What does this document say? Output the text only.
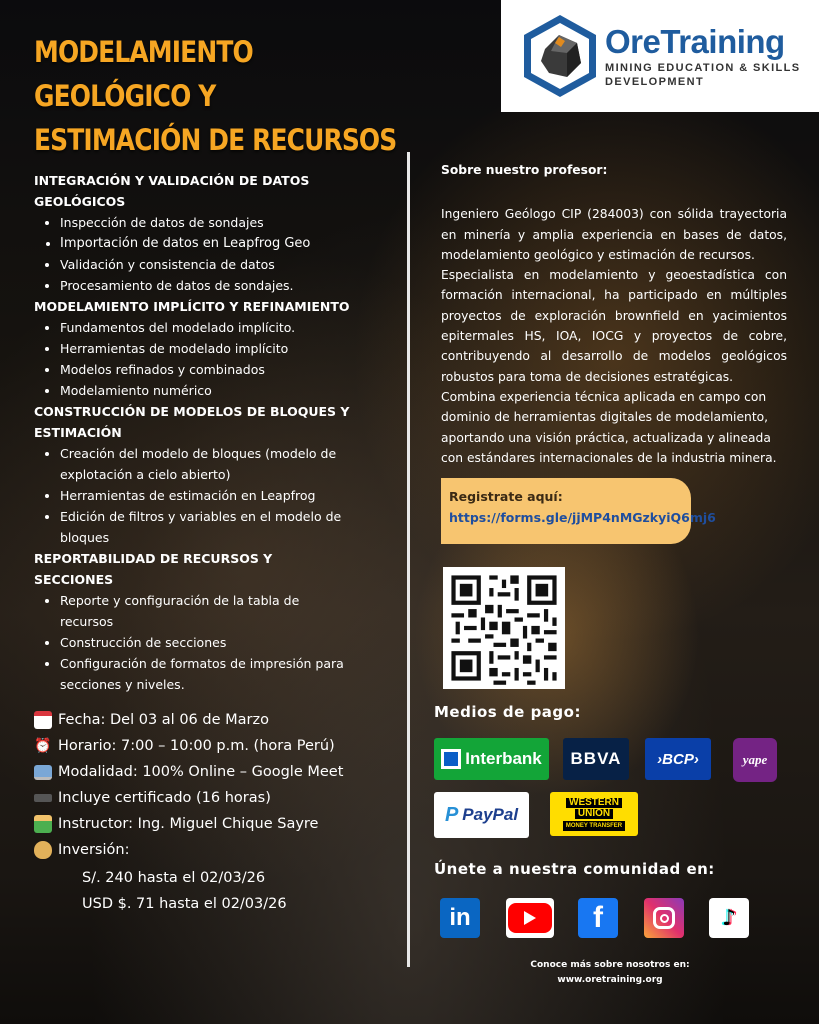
MODELAMIENTO GEOLÓGICO Y
ESTIMACIÓN DE RECURSOS
OreTraining
MINING EDUCATION & SKILLS
DEVELOPMENT
INTEGRACIÓN Y VALIDACIÓN DE DATOS GEOLÓGICOS
• Inspección de datos de sondajes
• Importación de datos en Leapfrog Geo
• Validación y consistencia de datos
• Procesamiento de datos de sondajes.
MODELAMIENTO IMPLÍCITO Y REFINAMIENTO
• Fundamentos del modelado implícito.
• Herramientas de modelado implícito
• Modelos refinados y combinados
• Modelamiento numérico
CONSTRUCCIÓN DE MODELOS DE BLOQUES Y ESTIMACIÓN
• Creación del modelo de bloques (modelo de explotación a cielo abierto)
• Herramientas de estimación en Leapfrog
• Edición de filtros y variables en el modelo de bloques
REPORTABILIDAD DE RECURSOS Y SECCIONES
• Reporte y configuración de la tabla de recursos
• Construcción de secciones
• Configuración de formatos de impresión para secciones y niveles.
Fecha: Del 03 al 06 de Marzo
⏰ Horario: 7:00 – 10:00 p.m. (hora Perú)
Modalidad: 100% Online – Google Meet
Incluye certificado (16 horas)
Instructor: Ing. Miguel Chique Sayre
Inversión:
S/. 240 hasta el 02/03/26
USD $. 71 hasta el 02/03/26

Sobre nuestro profesor:

Ingeniero Geólogo CIP (284003) con sólida trayectoria en minería y amplia experiencia en bases de datos, modelamiento geológico y estimación de recursos.

Especialista en modelamiento y geoestadística con formación internacional, ha participado en múltiples proyectos de exploración brownfield en yacimientos epitermales HS, IOA, IOCG y proyectos de cobre, contribuyendo al desarrollo de modelos geológicos robustos para toma de decisiones estratégicas.

Combina experiencia técnica aplicada en campo con dominio de herramientas digitales de modelamiento, aportando una visión práctica, actualizada y alineada con estándares internacionales de la industria minera.

Registrate aquí:
https://forms.gle/jjMP4nMGzkyiQ6mj6
Medios de pago:
Interbank BBVA ›BCP›	yape
P PayPal
WESTERN
UNION
MONEY TRANSFER
Únete a nuestra comunidad en:
in	f	♪
Conoce más sobre nosotros en:
www.oretraining.org
